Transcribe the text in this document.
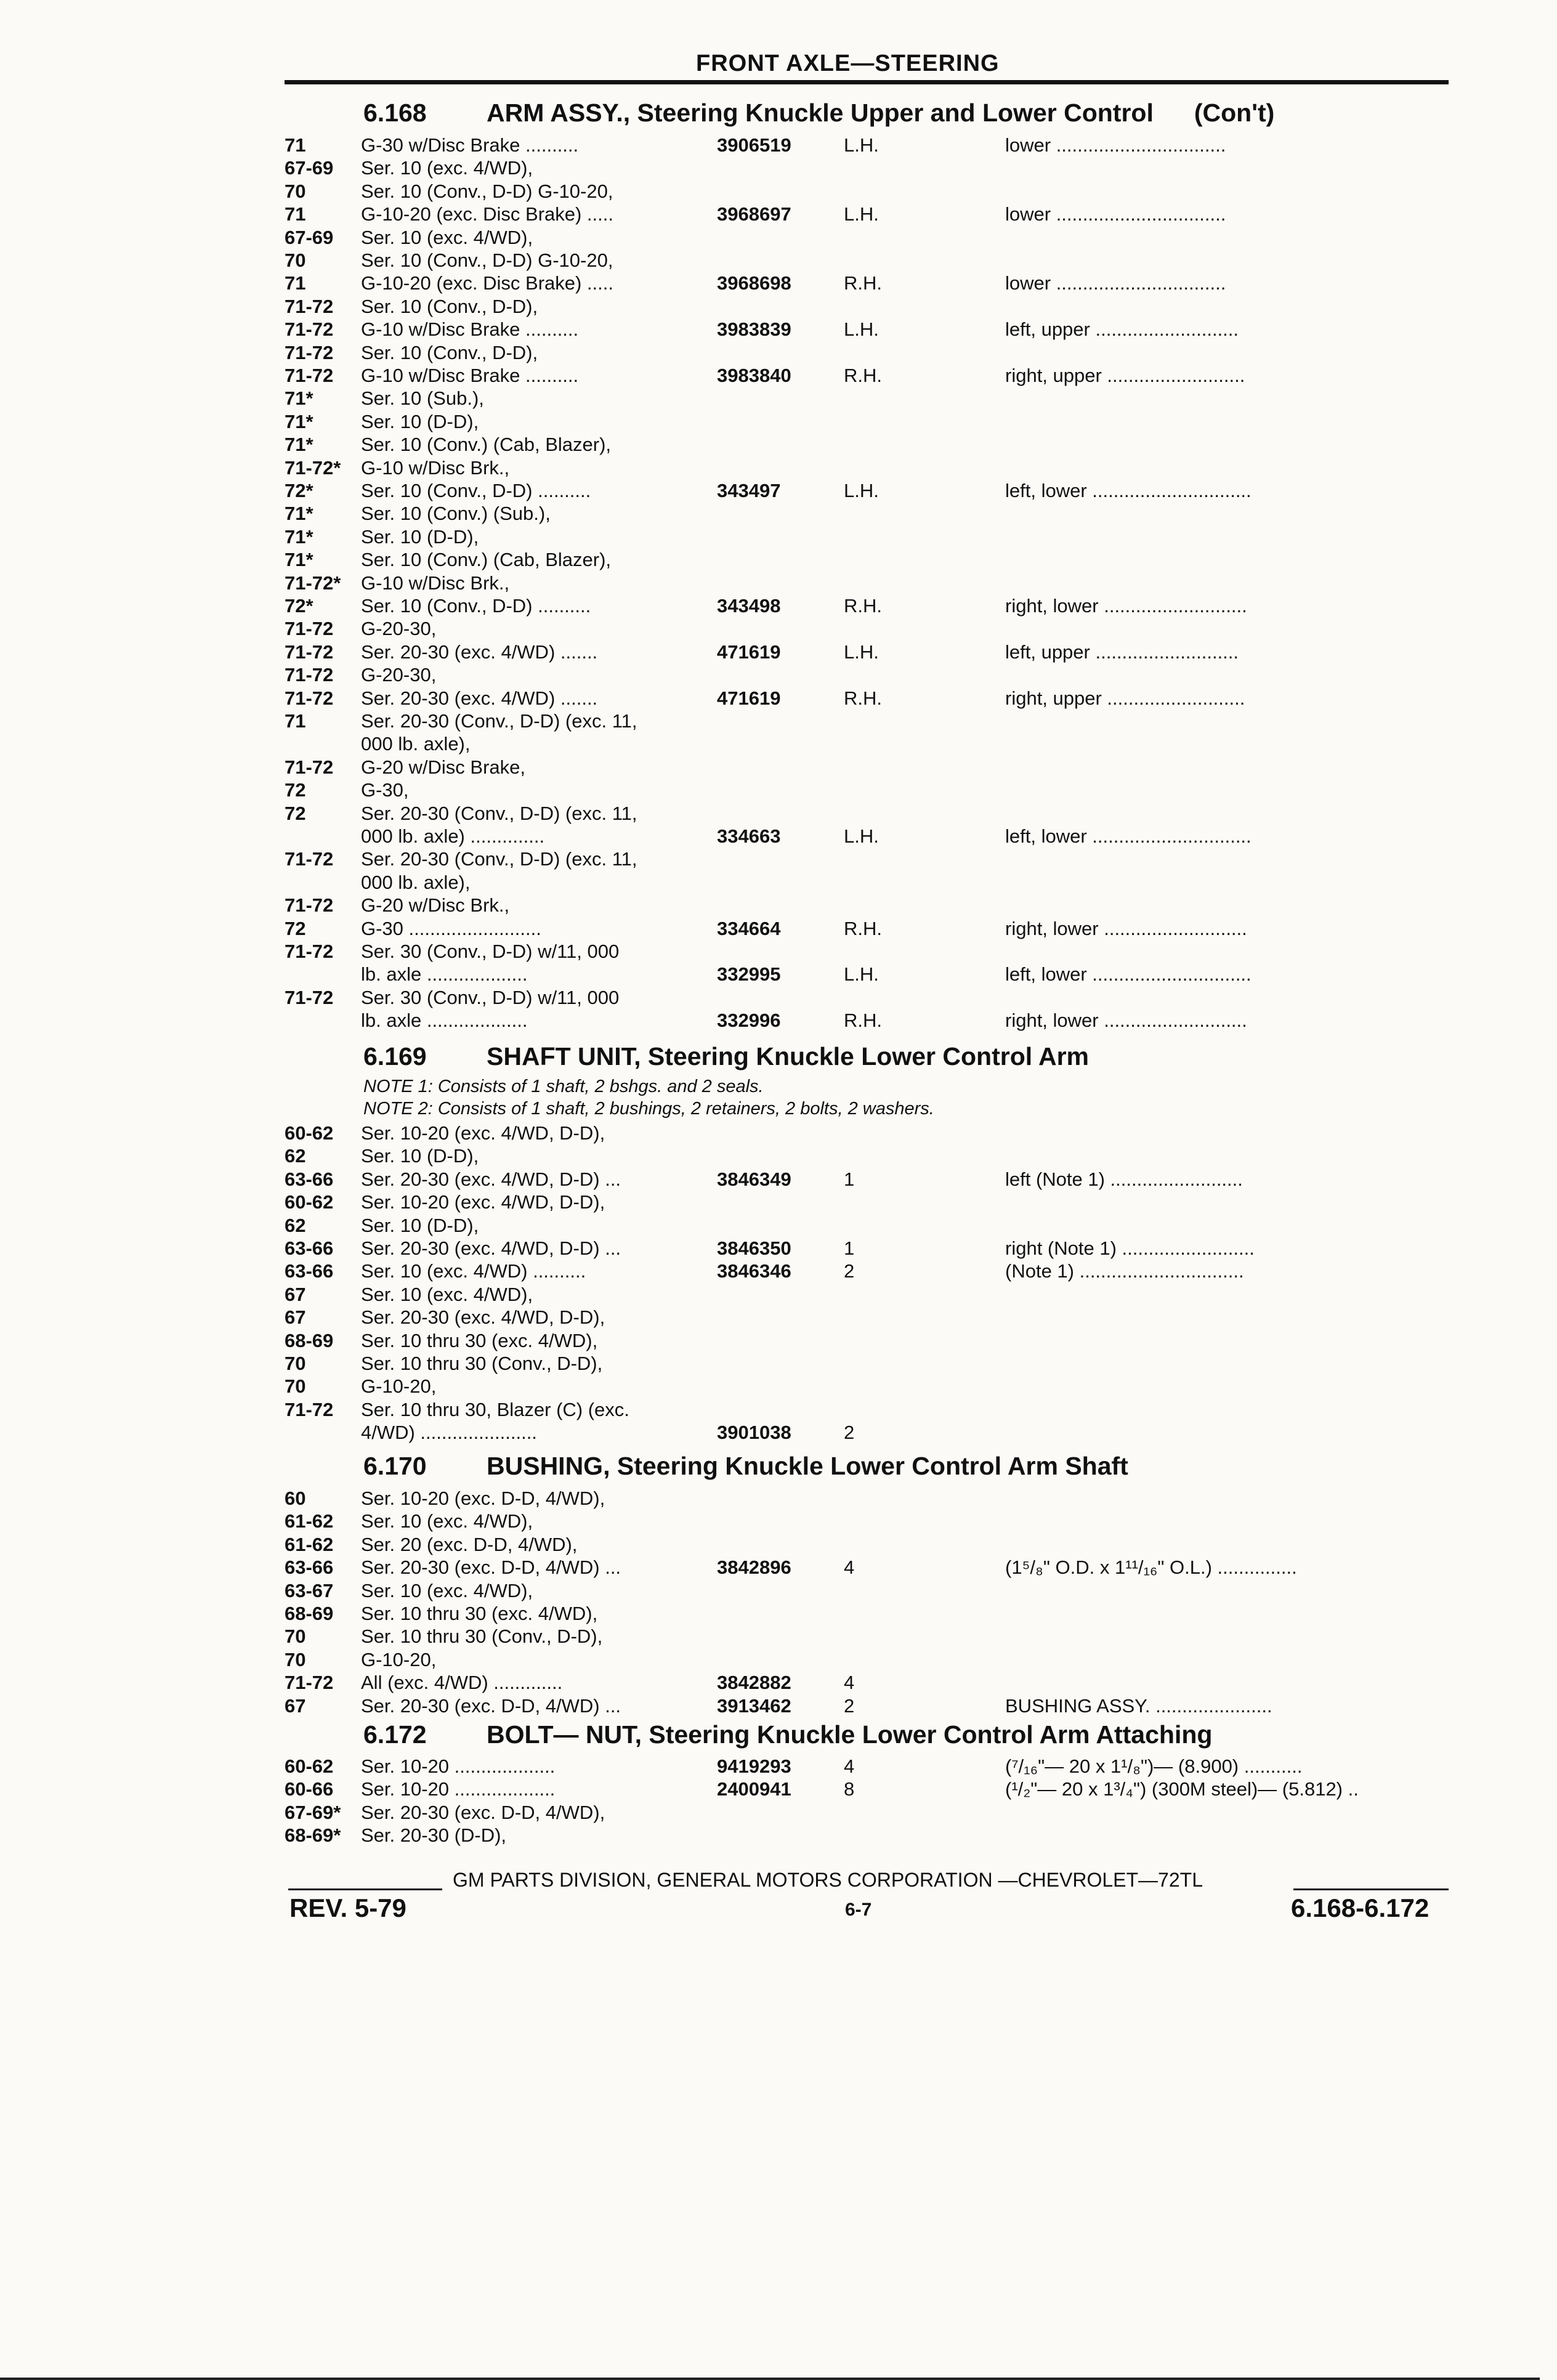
FRONT AXLE—STEERING
6.168 ARM ASSY., Steering Knuckle Upper and Lower Control (Con't)
71	G-30 w/Disc Brake ..........	3906519	L.H.	lower ................................
67-69 Ser. 10 (exc. 4/WD),
70	Ser. 10 (Conv., D-D) G-10-20,
71	G-10-20 (exc. Disc Brake) .....	3968697	L.H.	lower ................................
67-69 Ser. 10 (exc. 4/WD),
70	Ser. 10 (Conv., D-D) G-10-20,
71	G-10-20 (exc. Disc Brake) .....	3968698	R.H.	lower ................................
71-72 Ser. 10 (Conv., D-D),
71-72 G-10 w/Disc Brake ..........	3983839	L.H.	left, upper ...........................
71-72 Ser. 10 (Conv., D-D),
71-72 G-10 w/Disc Brake ..........	3983840	R.H.	right, upper ..........................
71* Ser. 10 (Sub.),
71* Ser. 10 (D-D),
71* Ser. 10 (Conv.) (Cab, Blazer),
71-72* G-10 w/Disc Brk.,
72* Ser. 10 (Conv., D-D) ..........	343497	L.H.	left, lower ..............................
71* Ser. 10 (Conv.) (Sub.),
71* Ser. 10 (D-D),
71* Ser. 10 (Conv.) (Cab, Blazer),
71-72* G-10 w/Disc Brk.,
72* Ser. 10 (Conv., D-D) ..........	343498	R.H.	right, lower ...........................
71-72 G-20-30,
71-72 Ser. 20-30 (exc. 4/WD) .......	471619	L.H.	left, upper ...........................
71-72 G-20-30,
71-72 Ser. 20-30 (exc. 4/WD) .......	471619	R.H.	right, upper ..........................
71	Ser. 20-30 (Conv., D-D) (exc. 11,
000 lb. axle),
71-72 G-20 w/Disc Brake,
72	G-30,
72	Ser. 20-30 (Conv., D-D) (exc. 11,
000 lb. axle) ..............	334663	L.H.	left, lower ..............................
71-72 Ser. 20-30 (Conv., D-D) (exc. 11,
000 lb. axle),
71-72 G-20 w/Disc Brk.,
72	G-30 .........................	334664	R.H.	right, lower ...........................
71-72 Ser. 30 (Conv., D-D) w/11, 000
lb. axle ...................	332995	L.H.	left, lower ..............................
71-72 Ser. 30 (Conv., D-D) w/11, 000
lb. axle ...................	332996	R.H.	right, lower ...........................
6.169 SHAFT UNIT, Steering Knuckle Lower Control Arm
NOTE 1: Consists of 1 shaft, 2 bshgs. and 2 seals.
NOTE 2: Consists of 1 shaft, 2 bushings, 2 retainers, 2 bolts, 2 washers.
60-62 Ser. 10-20 (exc. 4/WD, D-D),
62	Ser. 10 (D-D),
63-66 Ser. 20-30 (exc. 4/WD, D-D) ...	3846349	1	left (Note 1) .........................
60-62 Ser. 10-20 (exc. 4/WD, D-D),
62	Ser. 10 (D-D),
63-66 Ser. 20-30 (exc. 4/WD, D-D) ...	3846350	1	right (Note 1) .........................
63-66 Ser. 10 (exc. 4/WD) ..........	3846346	2	(Note 1) ...............................
67	Ser. 10 (exc. 4/WD),
67	Ser. 20-30 (exc. 4/WD, D-D),
68-69 Ser. 10 thru 30 (exc. 4/WD),
70	Ser. 10 thru 30 (Conv., D-D),
70	G-10-20,
71-72 Ser. 10 thru 30, Blazer (C) (exc.
4/WD) ......................	3901038	2
6.170 BUSHING, Steering Knuckle Lower Control Arm Shaft
60	Ser. 10-20 (exc. D-D, 4/WD),
61-62 Ser. 10 (exc. 4/WD),
61-62 Ser. 20 (exc. D-D, 4/WD),
63-66 Ser. 20-30 (exc. D-D, 4/WD) ...	3842896	4	(1⁵/₈" O.D. x 1¹¹/₁₆" O.L.) ...............
63-67 Ser. 10 (exc. 4/WD),
68-69 Ser. 10 thru 30 (exc. 4/WD),
70	Ser. 10 thru 30 (Conv., D-D),
70	G-10-20,
71-72 All (exc. 4/WD) .............	3842882	4
67	Ser. 20-30 (exc. D-D, 4/WD) ...	3913462	2	BUSHING ASSY. ......................
6.172 BOLT— NUT, Steering Knuckle Lower Control Arm Attaching
60-62 Ser. 10-20 ...................	9419293	4	(⁷/₁₆"— 20 x 1¹/₈")— (8.900) ...........
60-66 Ser. 10-20 ...................	2400941	8	(¹/₂"— 20 x 1³/₄") (300M steel)— (5.812) ..
67-69* Ser. 20-30 (exc. D-D, 4/WD),
68-69* Ser. 20-30 (D-D),
GM PARTS DIVISION, GENERAL MOTORS CORPORATION —CHEVROLET—72TL
REV. 5-79	6-7	6.168-6.172
